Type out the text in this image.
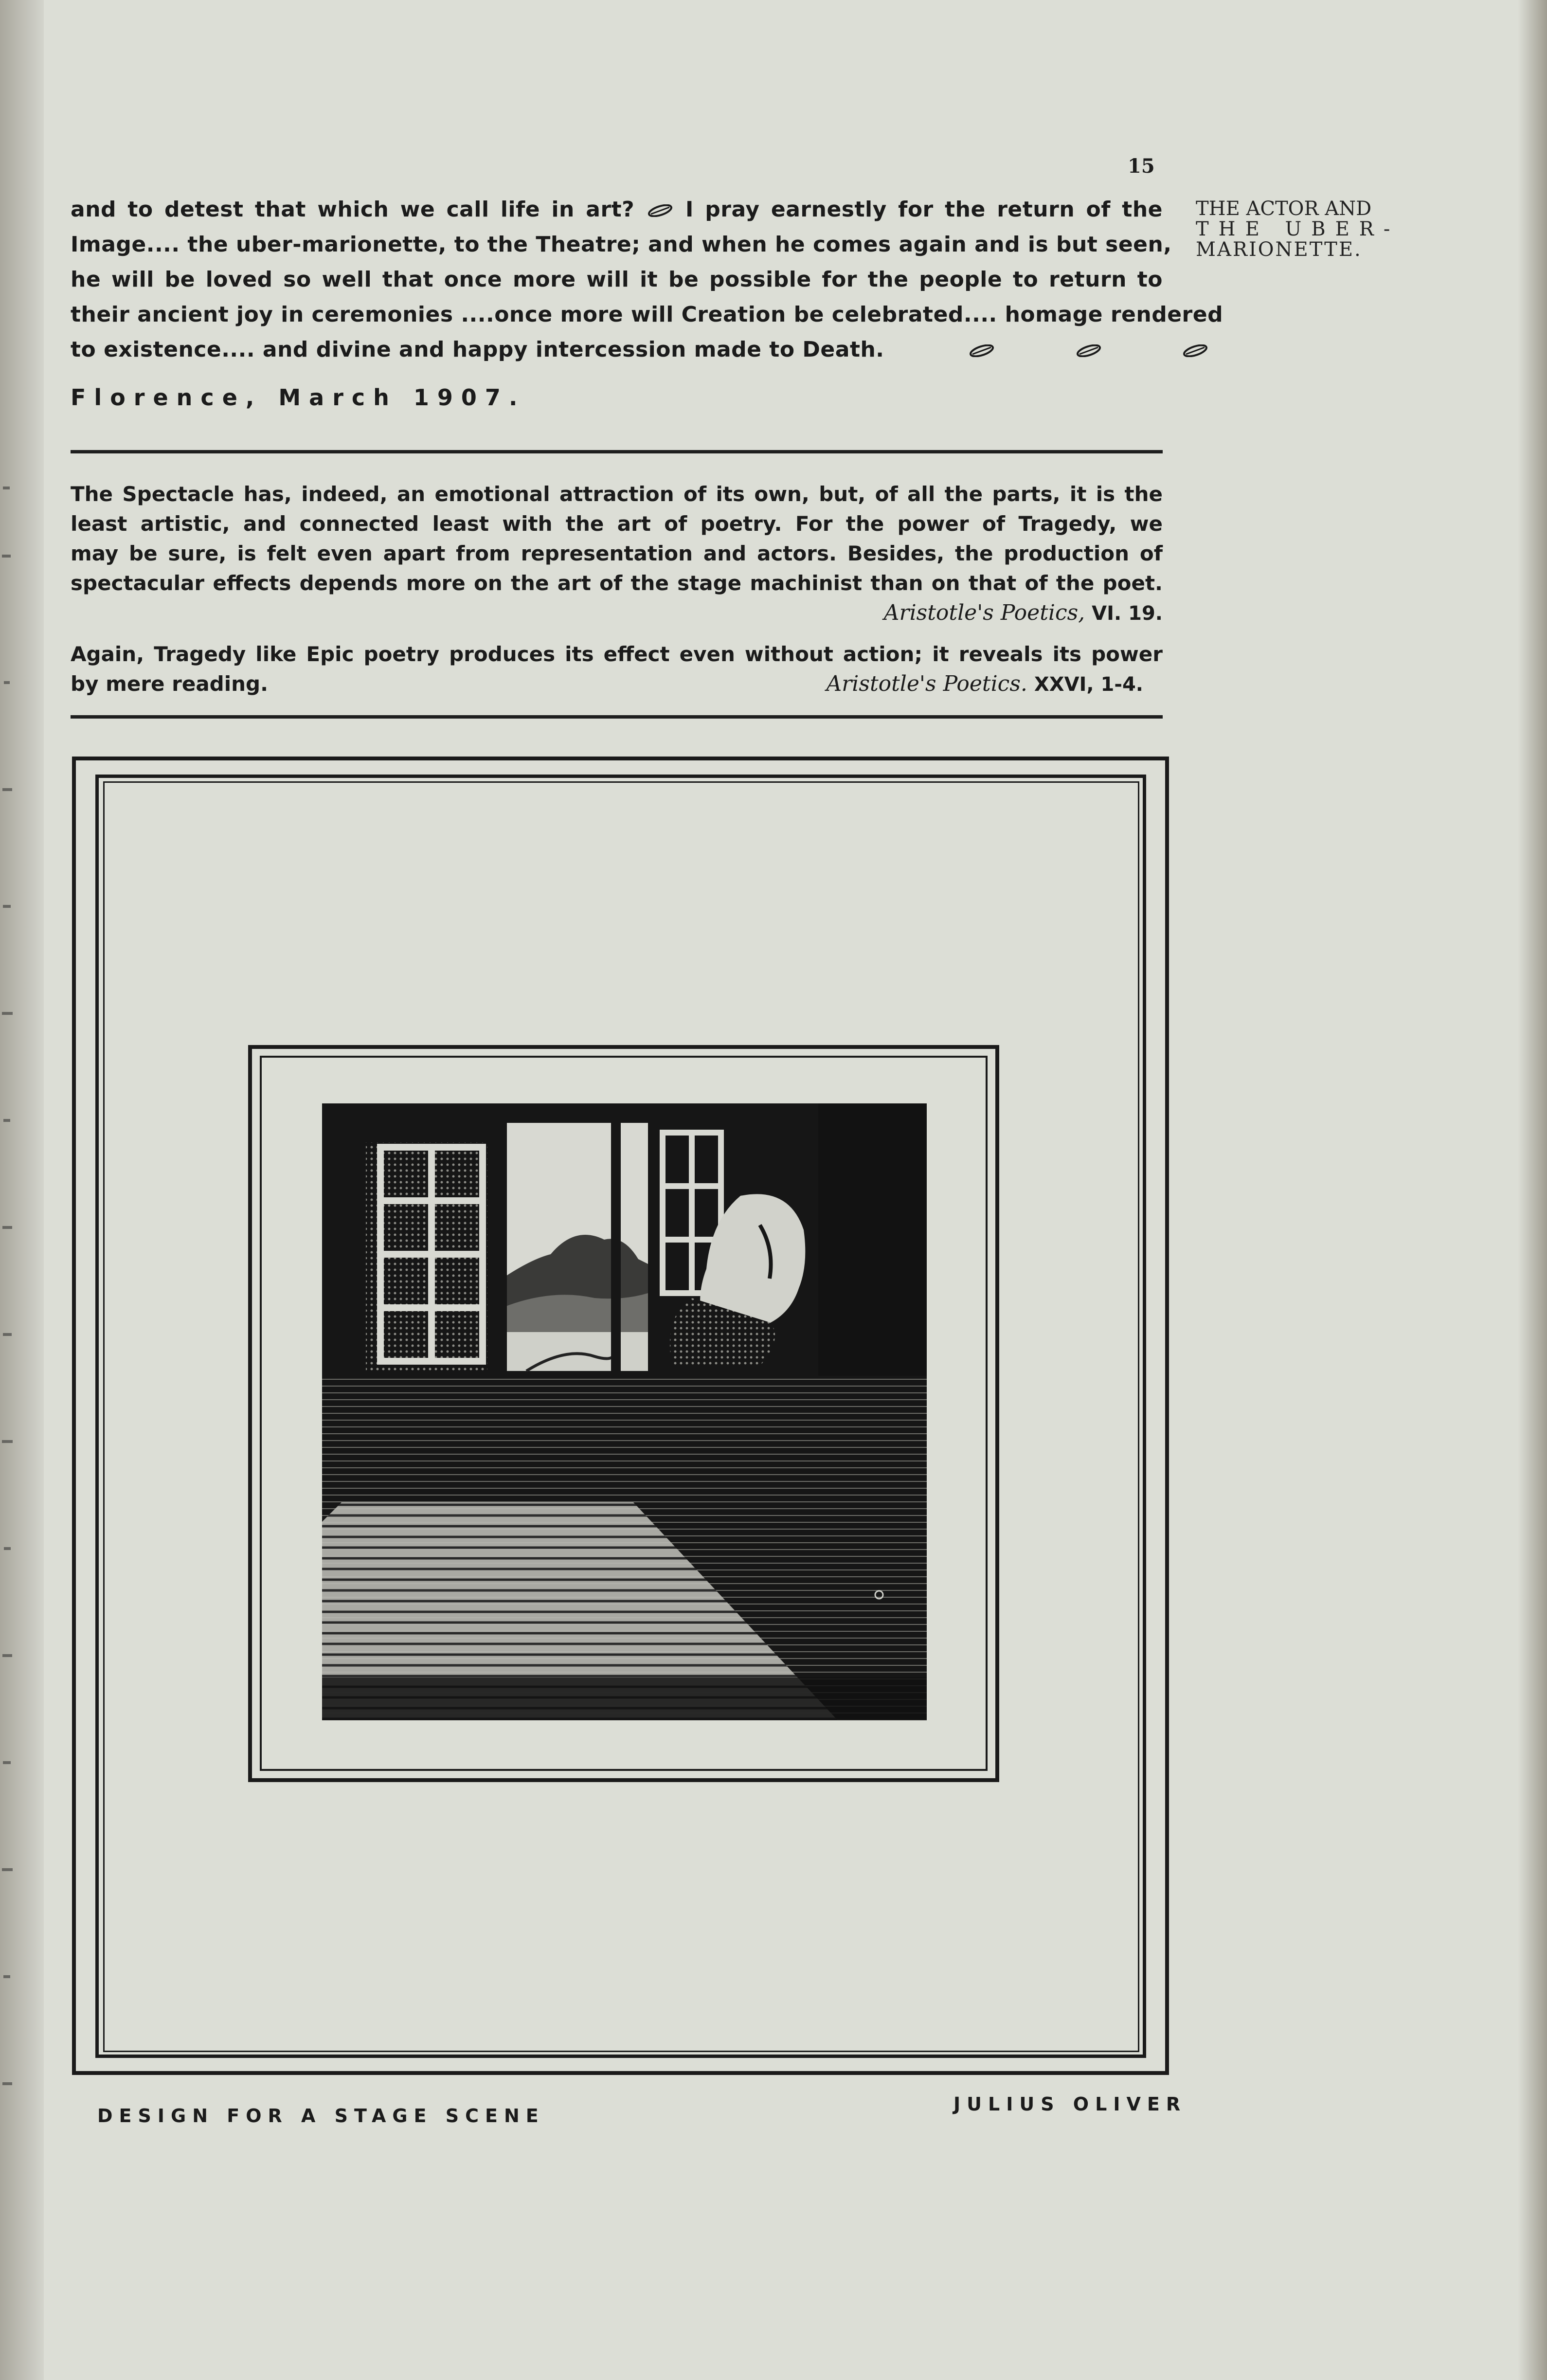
15
THE ACTOR AND
THE UBER-
MARIONETTE.
and to detest that which we call life in art? I pray earnestly for the return of the
Image.... the uber-marionette, to the Theatre; and when he comes again and is but seen,
he will be loved so well that once more will it be possible for the people to return to
their ancient joy in ceremonies ....once more will Creation be celebrated.... homage rendered
to existence.... and divine and happy intercession made to Death.
Florence, March 1907.
The Spectacle has, indeed, an emotional attraction of its own, but, of all the parts, it is the
least artistic, and connected least with the art of poetry. For the power of Tragedy, we
may be sure, is felt even apart from representation and actors. Besides, the production of
spectacular effects depends more on the art of the stage machinist than on that of the poet.
Aristotle's Poetics, VI. 19.
Again, Tragedy like Epic poetry produces its effect even without action; it reveals its power
by mere reading.	Aristotle's Poetics. XXVI, 1-4.
DESIGN FOR A STAGE SCENE
JULIUS OLIVER
